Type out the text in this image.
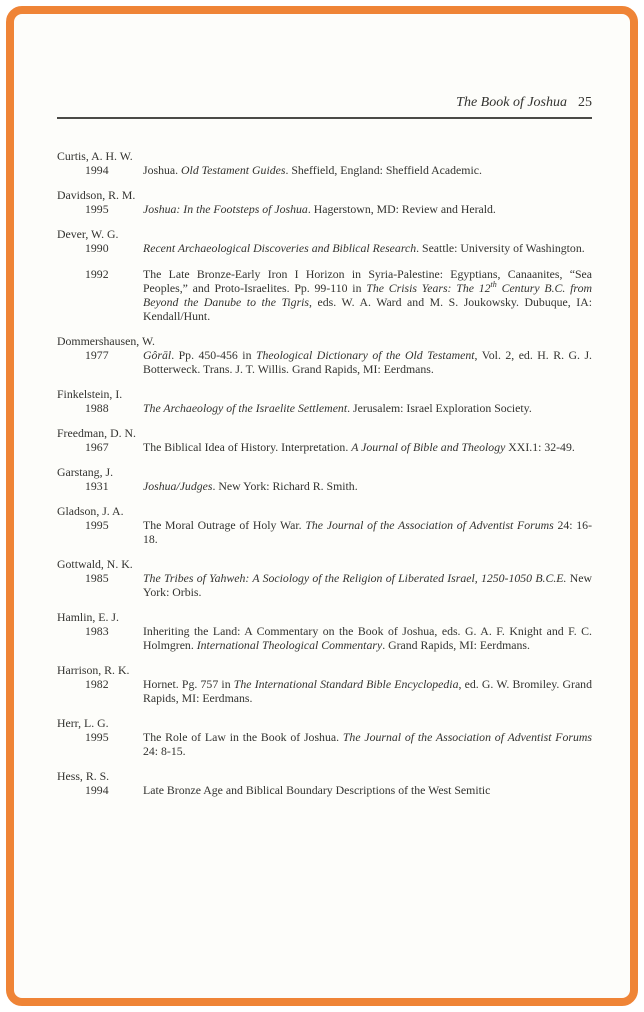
The Book of Joshua 25
Curtis, A. H. W.
1994	Joshua. Old Testament Guides. Sheffield, England: Sheffield Academic.
Davidson, R. M.
1995	Joshua: In the Footsteps of Joshua. Hagerstown, MD: Review and Herald.
Dever, W. G.
1990	Recent Archaeological Discoveries and Biblical Research. Seattle: University of Washington.
1992	The Late Bronze-Early Iron I Horizon in Syria-Palestine: Egyptians, Canaanites, “Sea Peoples,” and Proto-Israelites. Pp. 99-110 in The Crisis Years: The 12th Century B.C. from Beyond the Danube to the Tigris, eds. W. A. Ward and M. S. Joukowsky. Dubuque, IA: Kendall/Hunt.
Dommershausen, W.
1977	Gôrāl. Pp. 450-456 in Theological Dictionary of the Old Testament, Vol. 2, ed. H. R. G. J. Botterweck. Trans. J. T. Willis. Grand Rapids, MI: Eerdmans.
Finkelstein, I.
1988	The Archaeology of the Israelite Settlement. Jerusalem: Israel Exploration Society.
Freedman, D. N.
1967	The Biblical Idea of History. Interpretation. A Journal of Bible and Theology XXI.1: 32-49.
Garstang, J.
1931	Joshua/Judges. New York: Richard R. Smith.
Gladson, J. A.
1995	The Moral Outrage of Holy War. The Journal of the Association of Adventist Forums 24: 16-18.
Gottwald, N. K.
1985	The Tribes of Yahweh: A Sociology of the Religion of Liberated Israel, 1250-1050 B.C.E. New York: Orbis.
Hamlin, E. J.
1983	Inheriting the Land: A Commentary on the Book of Joshua, eds. G. A. F. Knight and F. C. Holmgren. International Theological Commentary. Grand Rapids, MI: Eerdmans.
Harrison, R. K.
1982	Hornet. Pg. 757 in The International Standard Bible Encyclopedia, ed. G. W. Bromiley. Grand Rapids, MI: Eerdmans.
Herr, L. G.
1995	The Role of Law in the Book of Joshua. The Journal of the Association of Adventist Forums 24: 8-15.
Hess, R. S.
1994	Late Bronze Age and Biblical Boundary Descriptions of the West Semitic
